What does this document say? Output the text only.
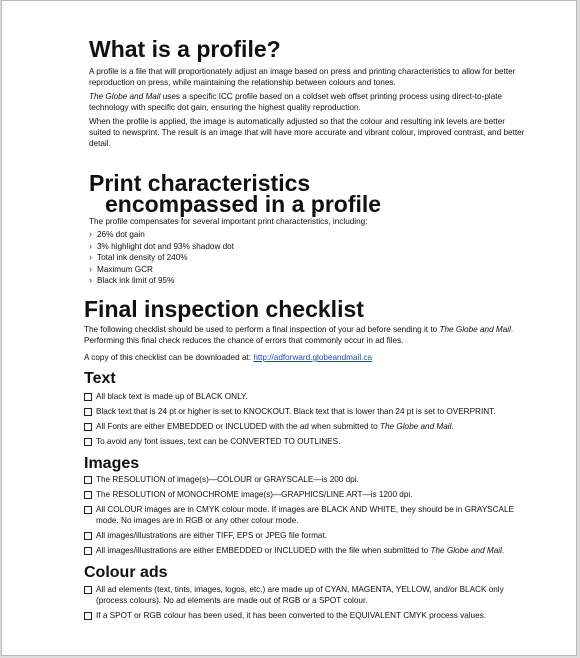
What is a profile?

A profile is a file that will proportionately adjust an image based on press and printing characteristics to allow for better reproduction on press, while maintaining the relationship between colours and tones.

The Globe and Mail uses a specific ICC profile based on a coldset web offset printing process using direct-to-plate technology with specific dot gain, ensuring the highest quality reproduction.

When the profile is applied, the image is automatically adjusted so that the colour and resulting ink levels are better suited to newsprint. The result is an image that will have more accurate and vibrant colour, improved contrast, and better detail.

Print characteristics
encompassed in a profile
The profile compensates for several important print characteristics, including:
› 26% dot gain
› 3% highlight dot and 93% shadow dot
› Total ink density of 240%
› Maximum GCR
› Black ink limit of 95%
Final inspection checklist
The following checklist should be used to perform a final inspection of your ad before sending it to The Globe and Mail. Performing this final check reduces the chance of errors that commonly occur in ad files.
A copy of this checklist can be downloaded at: http://adforward.globeandmail.ca
Text
All black text is made up of BLACK ONLY.
Black text that is 24 pt or higher is set to KNOCKOUT. Black text that is lower than 24 pt is set to OVERPRINT.
All Fonts are either EMBEDDED or INCLUDED with the ad when submitted to The Globe and Mail.
To avoid any font issues, text can be CONVERTED TO OUTLINES.
Images
The RESOLUTION of image(s)—COLOUR or GRAYSCALE—is 200 dpi.
The RESOLUTION of MONOCHROME image(s)—GRAPHICS/LINE ART—is 1200 dpi.
All COLOUR images are in CMYK colour mode. If images are BLACK AND WHITE, they should be in GRAYSCALE mode. No images are in RGB or any other colour mode.
All images/illustrations are either TIFF, EPS or JPEG file format.
All images/illustrations are either EMBEDDED or INCLUDED with the file when submitted to The Globe and Mail.
Colour ads
All ad elements (text, tints, images, logos, etc.) are made up of CYAN, MAGENTA, YELLOW, and/or BLACK only (process colours). No ad elements are made out of RGB or a SPOT colour.
If a SPOT or RGB colour has been used, it has been converted to the EQUIVALENT CMYK process values.
